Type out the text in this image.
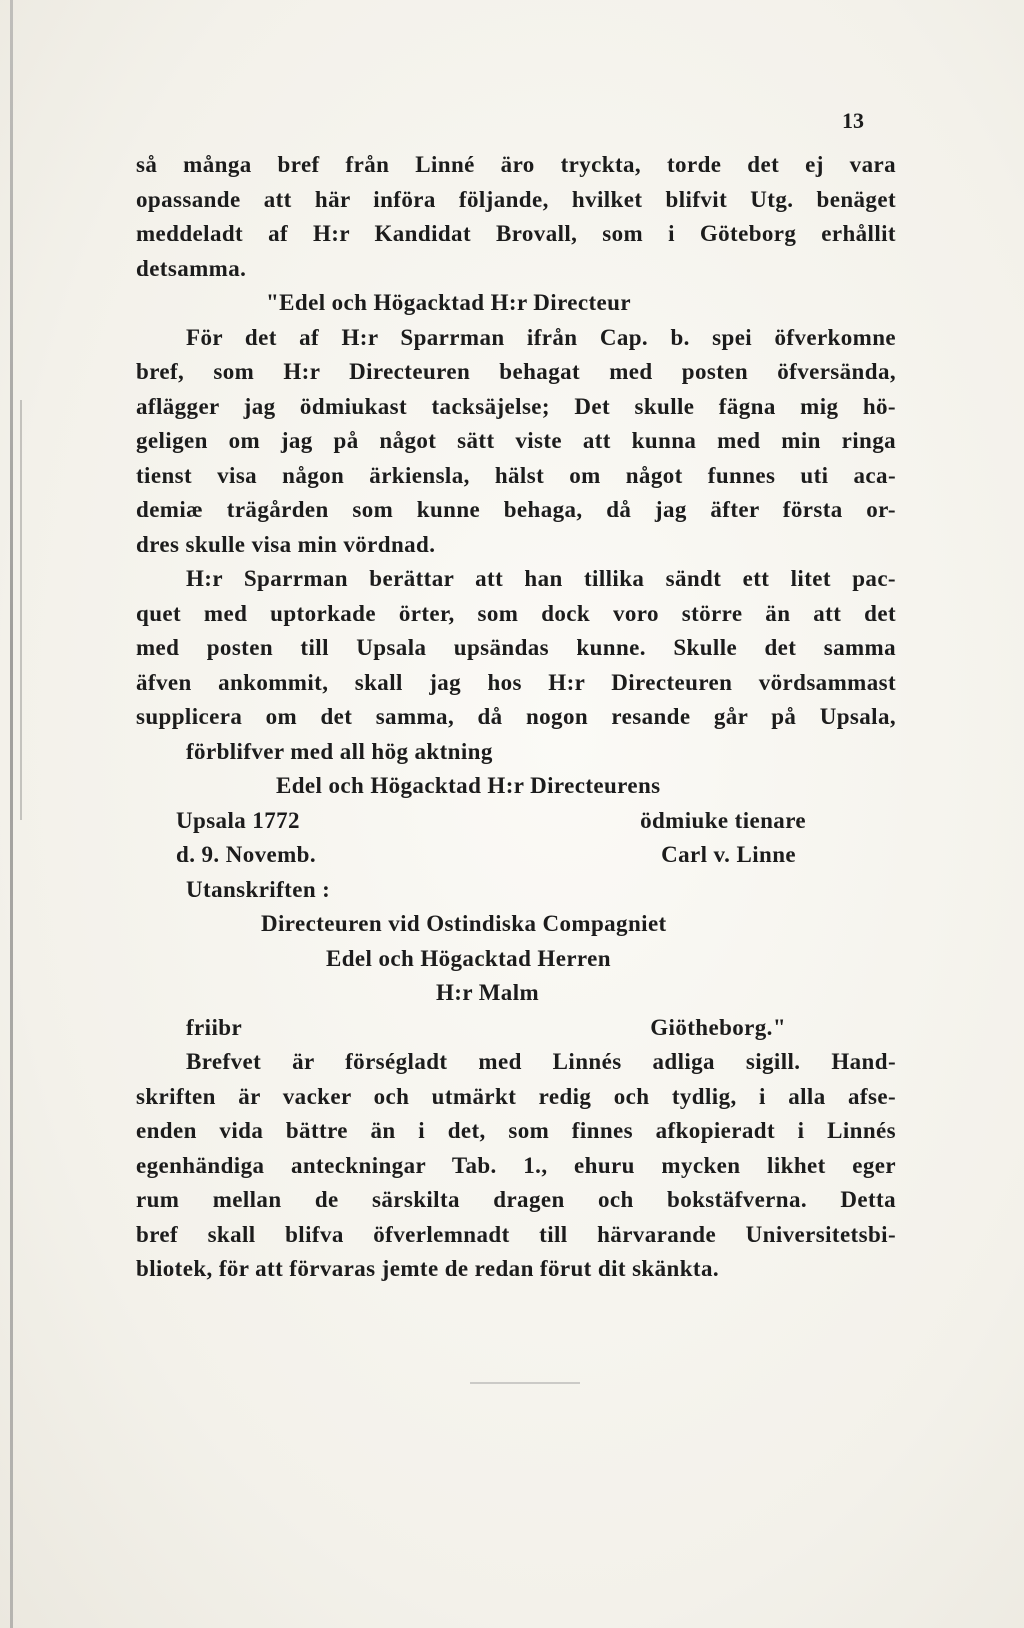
13
så många bref från Linné äro tryckta, torde det ej vara
opassande att här införa följande, hvilket blifvit Utg. benäget
meddeladt af H:r Kandidat Brovall, som i Göteborg erhållit
detsamma.
"Edel och Högacktad H:r Directeur
För det af H:r Sparrman ifrån Cap. b. spei öfverkomne
bref, som H:r Directeuren behagat med posten öfversända,
aflägger jag ödmiukast tacksäjelse; Det skulle fägna mig hö-
geligen om jag på något sätt viste att kunna med min ringa
tienst visa någon ärkiensla, hälst om något funnes uti aca-
demiæ trägården som kunne behaga, då jag äfter första or-
dres skulle visa min vördnad.
H:r Sparrman berättar att han tillika sändt ett litet pac-
quet med uptorkade örter, som dock voro större än att det
med posten till Upsala upsändas kunne. Skulle det samma
äfven ankommit, skall jag hos H:r Directeuren vördsammast
supplicera om det samma, då nogon resande går på Upsala,
förblifver med all hög aktning
Edel och Högacktad H:r Directeurens
Upsala 1772	ödmiuke tienare
d. 9. Novemb.	Carl v. Linne
Utanskriften :
Directeuren vid Ostindiska Compagniet
Edel och Högacktad Herren
H:r Malm
friibr	Giötheborg."
Brefvet är förségladt med Linnés adliga sigill. Hand-
skriften är vacker och utmärkt redig och tydlig, i alla afse-
enden vida bättre än i det, som finnes afkopieradt i Linnés
egenhändiga anteckningar Tab. 1., ehuru mycken likhet eger
rum mellan de särskilta dragen och bokstäfverna. Detta
bref skall blifva öfverlemnadt till härvarande Universitetsbi-
bliotek, för att förvaras jemte de redan förut dit skänkta.
